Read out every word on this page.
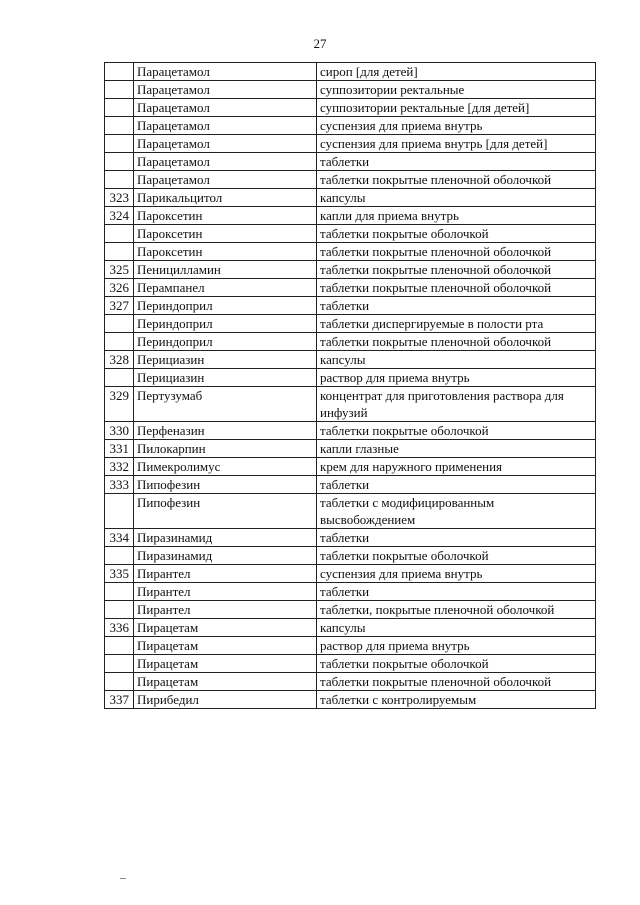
27
	Парацетамол	сироп [для детей]
	Парацетамол	суппозитории ректальные
	Парацетамол	суппозитории ректальные [для детей]
	Парацетамол	суспензия для приема внутрь
	Парацетамол	суспензия для приема внутрь [для детей]
	Парацетамол	таблетки
	Парацетамол	таблетки покрытые пленочной оболочкой
323	Парикальцитол	капсулы
324	Пароксетин	капли для приема внутрь
	Пароксетин	таблетки покрытые оболочкой
	Пароксетин	таблетки покрытые пленочной оболочкой
325	Пеницилламин	таблетки покрытые пленочной оболочкой
326	Перампанел	таблетки покрытые пленочной оболочкой
327	Периндоприл	таблетки
	Периндоприл	таблетки диспергируемые в полости рта
	Периндоприл	таблетки покрытые пленочной оболочкой
328	Перициазин	капсулы
	Перициазин	раствор для приема внутрь
329	Пертузумаб	концентрат для приготовления раствора для инфузий
330	Перфеназин	таблетки покрытые оболочкой
331	Пилокарпин	капли глазные
332	Пимекролимус	крем для наружного применения
333	Пипофезин	таблетки
	Пипофезин	таблетки с модифицированным высвобождением
334	Пиразинамид	таблетки
	Пиразинамид	таблетки покрытые оболочкой
335	Пирантел	суспензия для приема внутрь
	Пирантел	таблетки
	Пирантел	таблетки, покрытые пленочной оболочкой
336	Пирацетам	капсулы
	Пирацетам	раствор для приема внутрь
	Пирацетам	таблетки покрытые оболочкой
	Пирацетам	таблетки покрытые пленочной оболочкой
337	Пирибедил	таблетки с контролируемым
